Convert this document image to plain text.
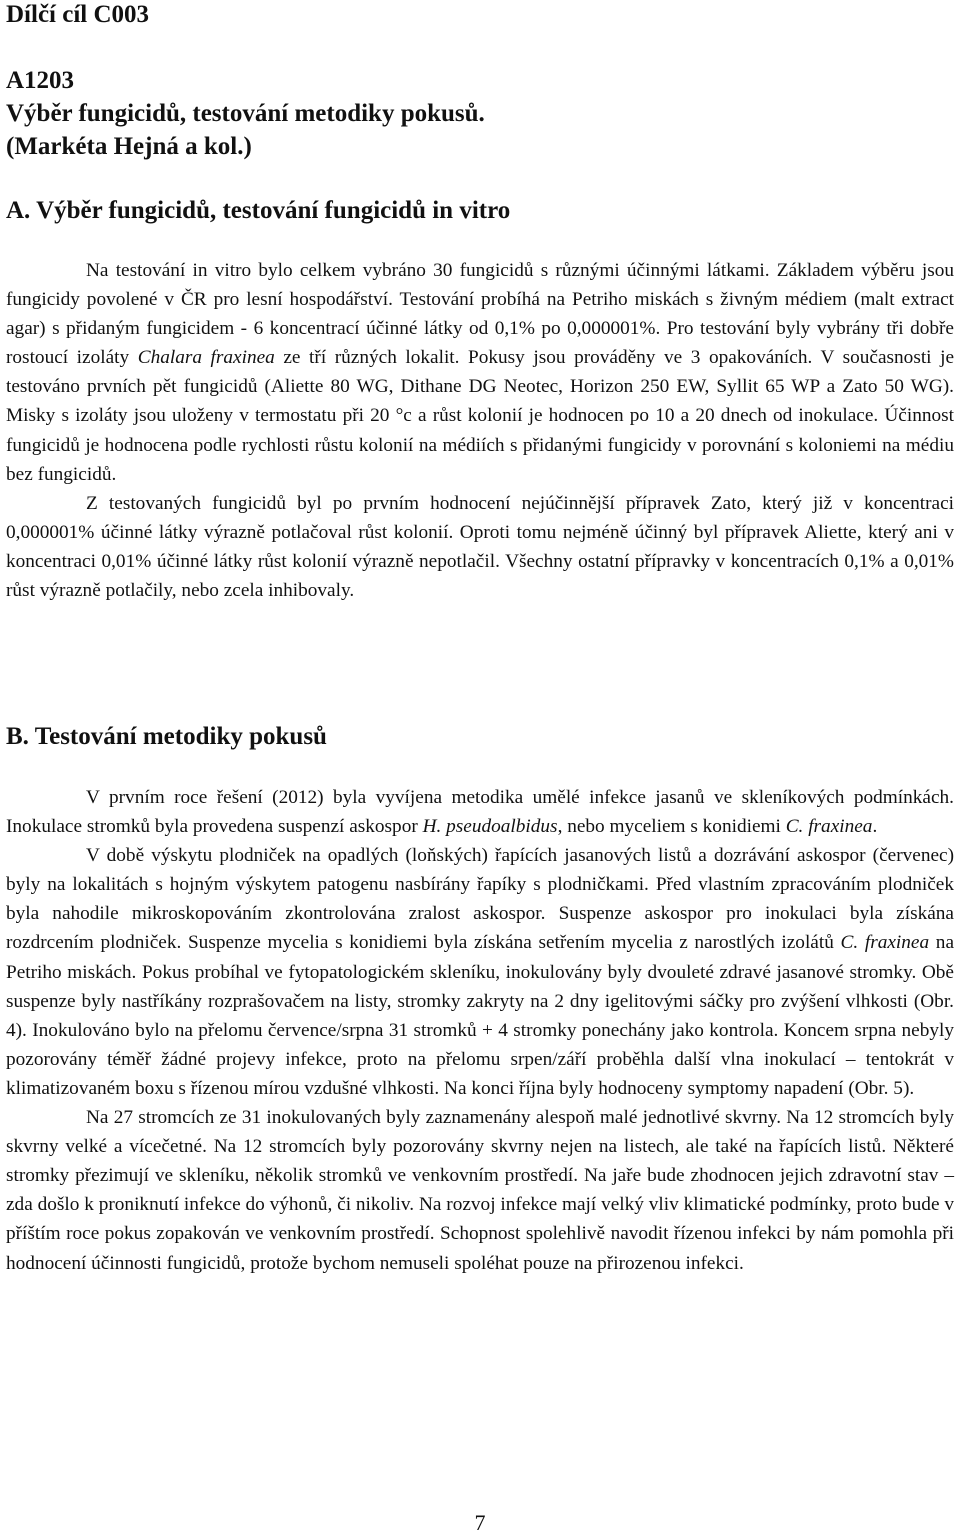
Dílčí cíl C003
A1203
Výběr fungicidů, testování metodiky pokusů.
(Markéta Hejná a kol.)
A. Výběr fungicidů, testování fungicidů in vitro

Na testování in vitro bylo celkem vybráno 30 fungicidů s různými účinnými látkami. Základem výběru jsou fungicidy povolené v ČR pro lesní hospodářství. Testování probíhá na Petriho miskách s živným médiem (malt extract agar) s přidaným fungicidem - 6 koncentrací účinné látky od 0,1% po 0,000001%. Pro testování byly vybrány tři dobře rostoucí izoláty Chalara fraxinea ze tří různých lokalit. Pokusy jsou prováděny ve 3 opakováních. V současnosti je testováno prvních pět fungicidů (Aliette 80 WG, Dithane DG Neotec, Horizon 250 EW, Syllit 65 WP a Zato 50 WG). Misky s izoláty jsou uloženy v termostatu při 20 °c a růst kolonií je hodnocen po 10 a 20 dnech od inokulace. Účinnost fungicidů je hodnocena podle rychlosti růstu kolonií na médiích s přidanými fungicidy v porovnání s koloniemi na médiu bez fungicidů.

Z testovaných fungicidů byl po prvním hodnocení nejúčinnější přípravek Zato, který již v koncentraci 0,000001% účinné látky výrazně potlačoval růst kolonií. Oproti tomu nejméně účinný byl přípravek Aliette, který ani v koncentraci 0,01% účinné látky růst kolonií výrazně nepotlačil. Všechny ostatní přípravky v koncentracích 0,1% a 0,01% růst výrazně potlačily, nebo zcela inhibovaly.

B. Testování metodiky pokusů

V prvním roce řešení (2012) byla vyvíjena metodika umělé infekce jasanů ve skleníkových podmínkách. Inokulace stromků byla provedena suspenzí askospor H. pseudoalbidus, nebo myceliem s konidiemi C. fraxinea.

V době výskytu plodniček na opadlých (loňských) řapících jasanových listů a dozrávání askospor (červenec) byly na lokalitách s hojným výskytem patogenu nasbírány řapíky s plodničkami. Před vlastním zpracováním plodniček byla nahodile mikroskopováním zkontrolována zralost askospor. Suspenze askospor pro inokulaci byla získána rozdrcením plodniček. Suspenze mycelia s konidiemi byla získána setřením mycelia z narostlých izolátů C. fraxinea na Petriho miskách. Pokus probíhal ve fytopatologickém skleníku, inokulovány byly dvouleté zdravé jasanové stromky. Obě suspenze byly nastříkány rozprašovačem na listy, stromky zakryty na 2 dny igelitovými sáčky pro zvýšení vlhkosti (Obr. 4). Inokulováno bylo na přelomu července/srpna 31 stromků + 4 stromky ponechány jako kontrola. Koncem srpna nebyly pozorovány téměř žádné projevy infekce, proto na přelomu srpen/září proběhla další vlna inokulací – tentokrát v klimatizovaném boxu s řízenou mírou vzdušné vlhkosti. Na konci října byly hodnoceny symptomy napadení (Obr. 5).

Na 27 stromcích ze 31 inokulovaných byly zaznamenány alespoň malé jednotlivé skvrny. Na 12 stromcích byly skvrny velké a vícečetné. Na 12 stromcích byly pozorovány skvrny nejen na listech, ale také na řapících listů. Některé stromky přezimují ve skleníku, několik stromků ve venkovním prostředí. Na jaře bude zhodnocen jejich zdravotní stav – zda došlo k proniknutí infekce do výhonů, či nikoliv. Na rozvoj infekce mají velký vliv klimatické podmínky, proto bude v příštím roce pokus zopakován ve venkovním prostředí. Schopnost spolehlivě navodit řízenou infekci by nám pomohla při hodnocení účinnosti fungicidů, protože bychom nemuseli spoléhat pouze na přirozenou infekci.

7
